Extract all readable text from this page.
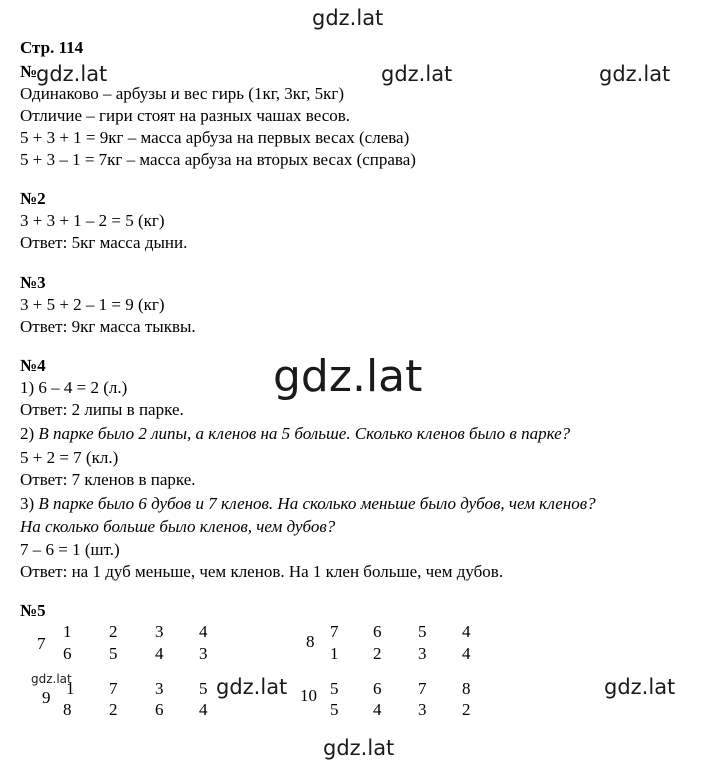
gdz.lat
gdz.lat	gdz.lat	gdz.lat
gdz.lat
gdz.lat	gdz.lat	gdz.lat
gdz.lat
Стр. 114
№
Одинаково – арбузы и вес гирь (1кг, 3кг, 5кг)
Отличие – гири стоят на разных чашах весов.
5 + 3 + 1 = 9кг – масса арбуза на первых весах (слева)
5 + 3 – 1 = 7кг – масса арбуза на вторых весах (справа)
№2
3 + 3 + 1 – 2 = 5 (кг)
Ответ: 5кг масса дыни.
№3
3 + 5 + 2 – 1 = 9 (кг)
Ответ: 9кг масса тыквы.
№4
1) 6 – 4 = 2 (л.)
Ответ: 2 липы в парке.
2) В парке было 2 липы, а кленов на 5 больше. Сколько кленов было в парке?
5 + 2 = 7 (кл.)
Ответ: 7 кленов в парке.
3) В парке было 6 дубов и 7 кленов. На сколько меньше было дубов, чем кленов?
На сколько больше было кленов, чем дубов?
7 – 6 = 1 (шт.)
Ответ: на 1 дуб меньше, чем кленов. На 1 клен больше, чем дубов.
№5
7
1 2 3 4
6 5 4 3
8
7 6 5 4
1 2 3 4
9 1 7 3 5
8 2 6 4
10 5 6 7 8
5 4 3 2
